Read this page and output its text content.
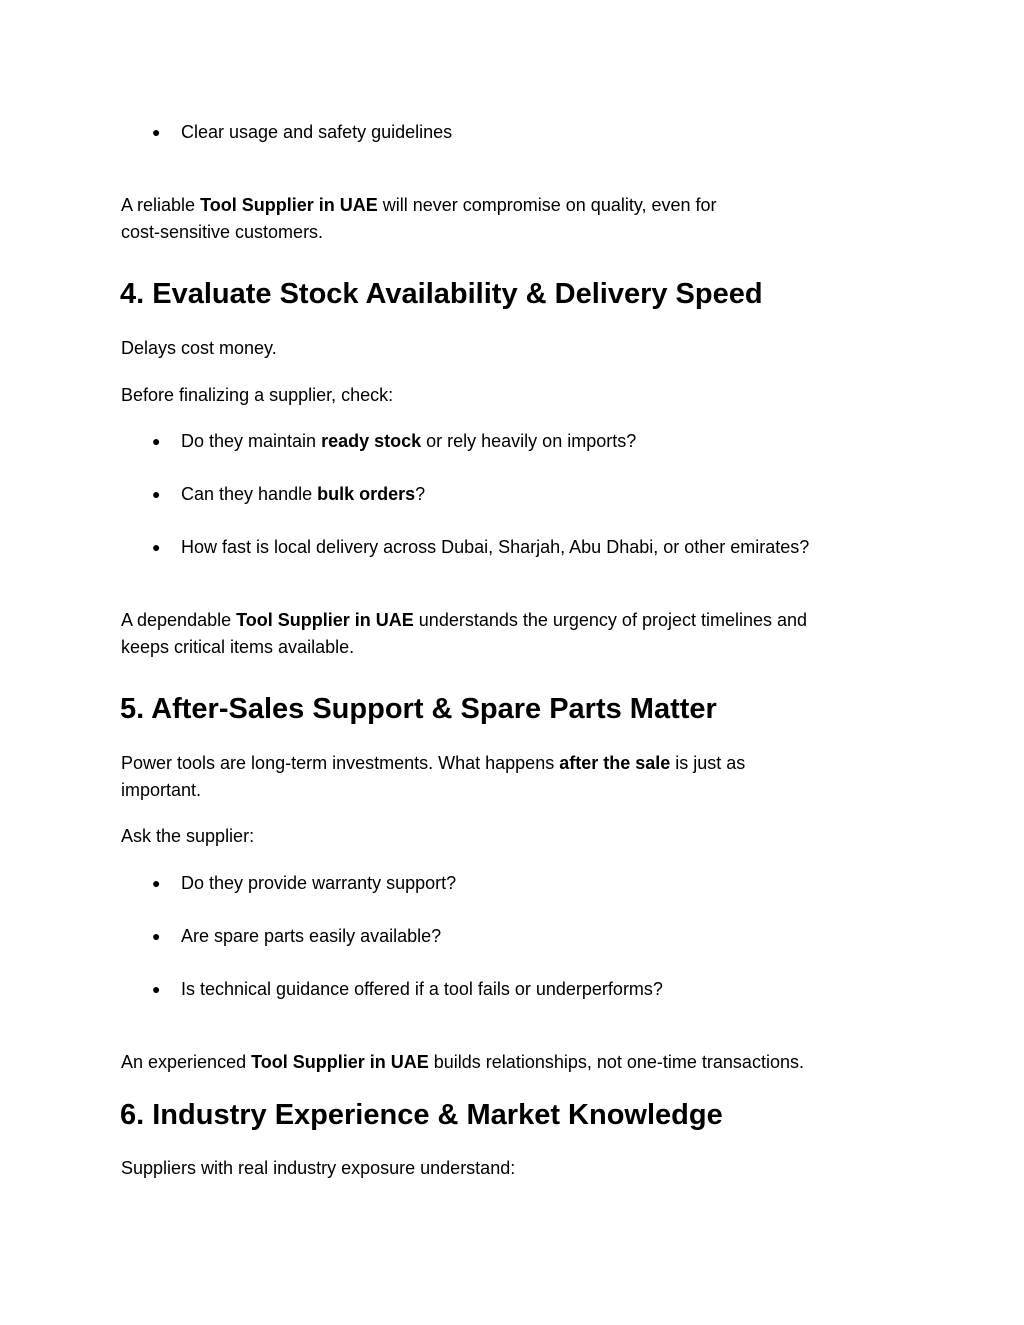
●	Clear usage and safety guidelines

A reliable Tool Supplier in UAE will never compromise on quality, even for
cost-sensitive customers.

4. Evaluate Stock Availability & Delivery Speed

Delays cost money.

Before finalizing a supplier, check:

●	Do they maintain ready stock or rely heavily on imports?

●	Can they handle bulk orders?

●	How fast is local delivery across Dubai, Sharjah, Abu Dhabi, or other emirates?

A dependable Tool Supplier in UAE understands the urgency of project timelines and
keeps critical items available.

5. After-Sales Support & Spare Parts Matter

Power tools are long-term investments. What happens after the sale is just as
important.

Ask the supplier:

●	Do they provide warranty support?

●	Are spare parts easily available?

●	Is technical guidance offered if a tool fails or underperforms?

An experienced Tool Supplier in UAE builds relationships, not one-time transactions.

6. Industry Experience & Market Knowledge

Suppliers with real industry exposure understand:
